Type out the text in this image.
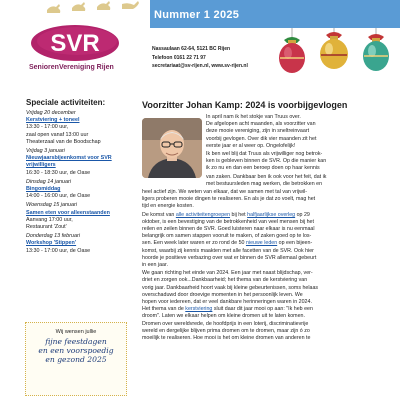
Nummer 1 2025
SVR
SeniorenVereniging Rijen
Nassaulaan 62-64, 5121 BC Rijen
Telefoon 0161 22 71 97
secretariaat@sv-rijen.nl, www.sv-rijen.nl
Speciale activiteiten:
Vrijdag 20 december
Kerstviering + toneel
13:30 - 17:00 uur,
zaal open vanaf 13:00 uur
Theaterzaal van de Boodschap
Vrijdag 3 januari
Nieuwjaarsbijeenkomst voor SVR vrijwilligers
16:30 - 18:30 uur, de Oase
Dinsdag 14 januari
Bingomiddag
14:00 - 16:00 uur, de Oase
Woensdag 15 januari
Samen eten voor alleenstaanden
Aanvang 17:00 uur,
Restaurant 'Zout'
Donderdag 13 februari
Workshop 'Stippen'
13:30 - 17:00 uur, de Oase
Wij wensen jullie
fijne feestdagen
en een voorspoedig
en gezond 2025
Voorzitter Johan Kamp: 2024 is voorbijgevlogen
In april nam ik het stokje van Truus over.
De afgelopen acht maanden, als voorzitter van
deze mooie vereniging, zijn in sneltreinvaart
voorbij gevlogen. Over dik vier maanden zit het
eerste jaar er al weer op. Ongelofelijk!
Ik ben wel blij dat Truus als vrijwilliger nog betrok-
ken is gebleven binnen de SVR. Op die manier kan
ik zo nu en dan een beroep doen op haar kennis
van zaken. Dankbaar ben ik ook voor het feit, dat ik
met bestuursleden mag werken, die betrokken en
heel actief zijn. We weten van elkaar, dat we samen met tal van vrijwil-
ligers proberen mooie dingen te realiseren. En als je dat zo voelt, mag het
tijd en energie kosten.
De komst van alle activiteitengroepen bij het halfjaarlijkse overleg op 29
oktober, is een bevestiging van de betrokkenheid van veel mensen bij het
reilen en zeilen binnen de SVR. Goed luisteren naar elkaar is nu eenmaal
belangrijk om samen stappen vooruit te maken, of zaken goed op te los-
sen. Een week later waren er zo rond de 50 nieuwe leden op een bijeen-
komst, waarbij zij kennis maakten met alle facetten van de SVR. Ook hier
hoorde je positieve verbazing over wat er binnen de SVR allemaal gebeurt
in een jaar.
We gaan richting het einde van 2024. Een jaar met naast blijdschap, ver-
driet en zorgen ook...Dankbaarheid; het thema van de kerstviering van
vorig jaar. Dankbaarheid hoort vaak bij kleine gebeurtenissen, soms helaas
overschaduwd door droevige momenten in het persoonlijk leven. We
hopen voor iedereen, dat er veel dankbare herinneringen waren in 2024.
Het thema van de kerstviering sluit daar dit jaar mooi op aan: "Ik heb een
droom". Laten we elkaar helpen om kleine dromen uit te laten komen.
Dromen over wereldvrede, de hoofdprijs in een loterij, discriminatievrije
wereld en dergelijke blijven prima dromen om te dromen, maar zijn ó zo
moeilijk te realiseren. Hoe mooi is het om kleine dromen van anderen te
